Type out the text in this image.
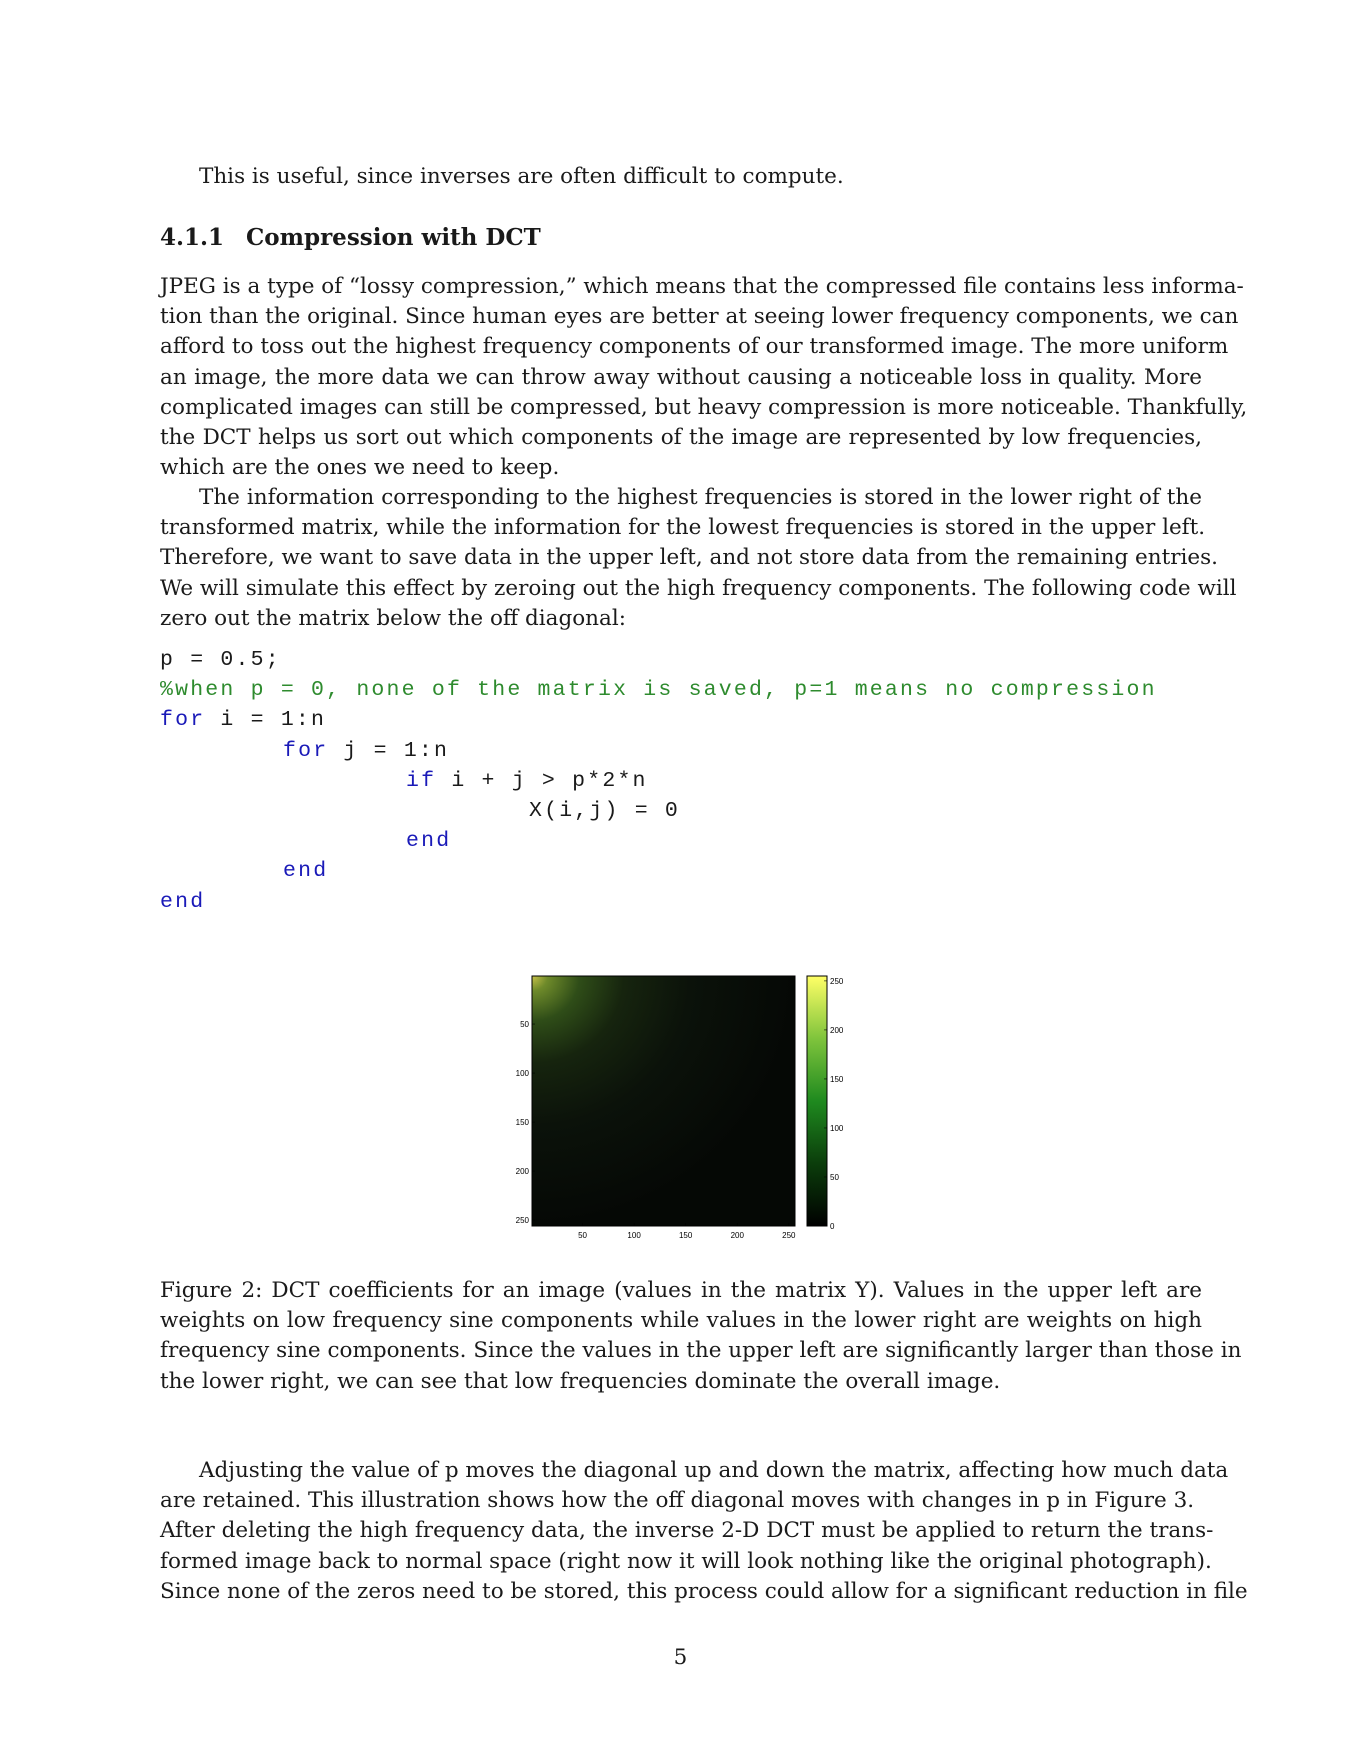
This is useful, since inverses are often difficult to compute.
4.1.1 Compression with DCT
JPEG is a type of “lossy compression,” which means that the compressed file contains less informa-
tion than the original. Since human eyes are better at seeing lower frequency components, we can
afford to toss out the highest frequency components of our transformed image. The more uniform
an image, the more data we can throw away without causing a noticeable loss in quality. More
complicated images can still be compressed, but heavy compression is more noticeable. Thankfully,
the DCT helps us sort out which components of the image are represented by low frequencies,
which are the ones we need to keep.
The information corresponding to the highest frequencies is stored in the lower right of the
transformed matrix, while the information for the lowest frequencies is stored in the upper left.
Therefore, we want to save data in the upper left, and not store data from the remaining entries.
We will simulate this effect by zeroing out the high frequency components. The following code will
zero out the matrix below the off diagonal:
p = 0.5;
%when p = 0, none of the matrix is saved, p=1 means no compression
for i = 1:n
for j = 1:n
if i + j > p*2*n
X(i,j) = 0
end
end
end
50
100
150
200
250
50	100	150	200	250
0
50
100
150
200
250
Figure 2: DCT coefficients for an image (values in the matrix Y). Values in the upper left are
weights on low frequency sine components while values in the lower right are weights on high
frequency sine components. Since the values in the upper left are significantly larger than those in
the lower right, we can see that low frequencies dominate the overall image.
Adjusting the value of p moves the diagonal up and down the matrix, affecting how much data
are retained. This illustration shows how the off diagonal moves with changes in p in Figure 3.
After deleting the high frequency data, the inverse 2-D DCT must be applied to return the trans-
formed image back to normal space (right now it will look nothing like the original photograph).
Since none of the zeros need to be stored, this process could allow for a significant reduction in file
5
